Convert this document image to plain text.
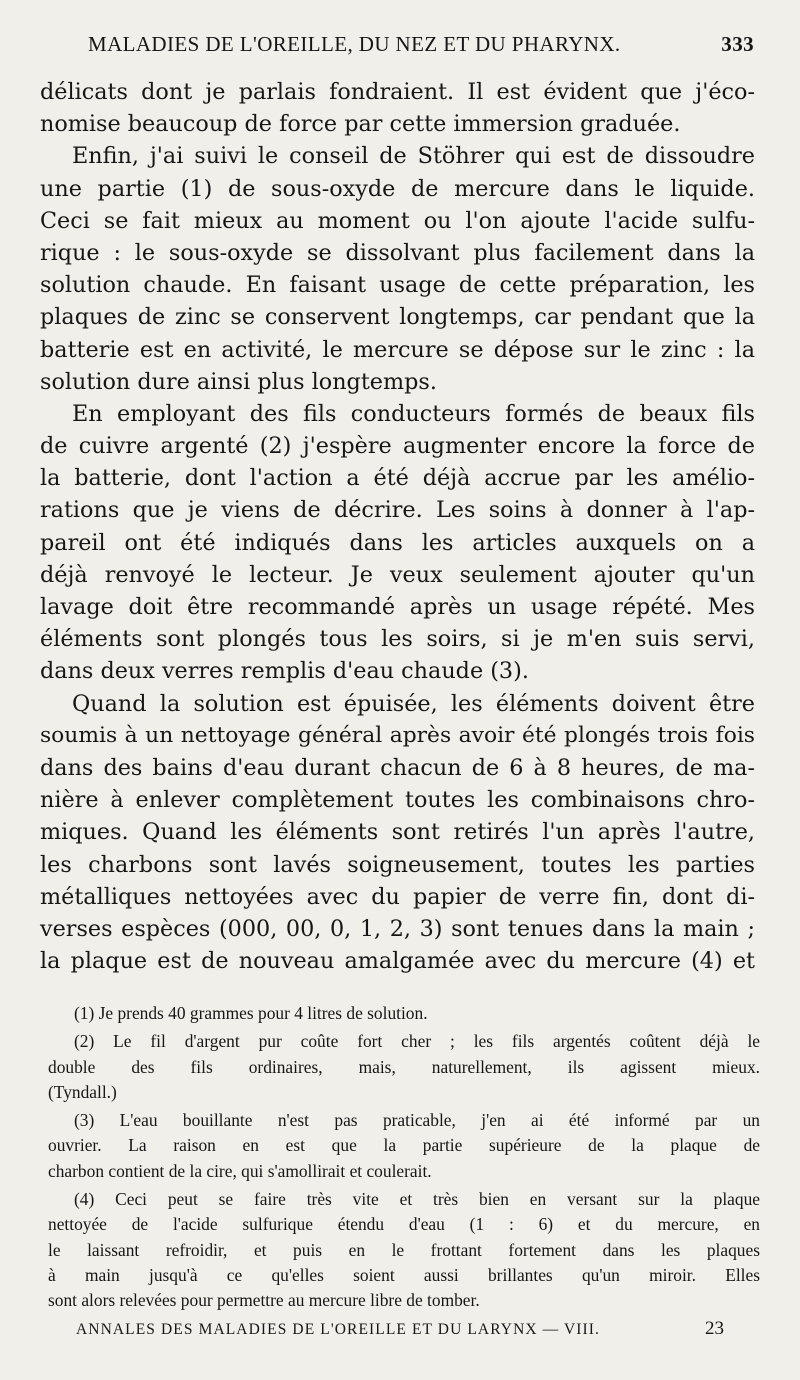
MALADIES DE L'OREILLE, DU NEZ ET DU PHARYNX.	333
délicats dont je parlais fondraient. Il est évident que j'éco-
nomise beaucoup de force par cette immersion graduée.
Enfin, j'ai suivi le conseil de Stöhrer qui est de dissoudre
une partie (1) de sous-oxyde de mercure dans le liquide.
Ceci se fait mieux au moment ou l'on ajoute l'acide sulfu-
rique : le sous-oxyde se dissolvant plus facilement dans la
solution chaude. En faisant usage de cette préparation, les
plaques de zinc se conservent longtemps, car pendant que la
batterie est en activité, le mercure se dépose sur le zinc : la
solution dure ainsi plus longtemps.
En employant des fils conducteurs formés de beaux fils
de cuivre argenté (2) j'espère augmenter encore la force de
la batterie, dont l'action a été déjà accrue par les amélio-
rations que je viens de décrire. Les soins à donner à l'ap-
pareil ont été indiqués dans les articles auxquels on a
déjà renvoyé le lecteur. Je veux seulement ajouter qu'un
lavage doit être recommandé après un usage répété. Mes
éléments sont plongés tous les soirs, si je m'en suis servi,
dans deux verres remplis d'eau chaude (3).
Quand la solution est épuisée, les éléments doivent être
soumis à un nettoyage général après avoir été plongés trois fois
dans des bains d'eau durant chacun de 6 à 8 heures, de ma-
nière à enlever complètement toutes les combinaisons chro-
miques. Quand les éléments sont retirés l'un après l'autre,
les charbons sont lavés soigneusement, toutes les parties
métalliques nettoyées avec du papier de verre fin, dont di-
verses espèces (000, 00, 0, 1, 2, 3) sont tenues dans la main ;
la plaque est de nouveau amalgamée avec du mercure (4) et
(1) Je prends 40 grammes pour 4 litres de solution.
(2) Le fil d'argent pur coûte fort cher ; les fils argentés coûtent déjà le
double des fils ordinaires, mais, naturellement, ils agissent mieux.
(Tyndall.)
(3) L'eau bouillante n'est pas praticable, j'en ai été informé par un
ouvrier. La raison en est que la partie supérieure de la plaque de
charbon contient de la cire, qui s'amollirait et coulerait.
(4) Ceci peut se faire très vite et très bien en versant sur la plaque
nettoyée de l'acide sulfurique étendu d'eau (1 : 6) et du mercure, en
le laissant refroidir, et puis en le frottant fortement dans les plaques
à main jusqu'à ce qu'elles soient aussi brillantes qu'un miroir. Elles
sont alors relevées pour permettre au mercure libre de tomber.
ANNALES DES MALADIES DE L'OREILLE ET DU LARYNX — VIII.	23
